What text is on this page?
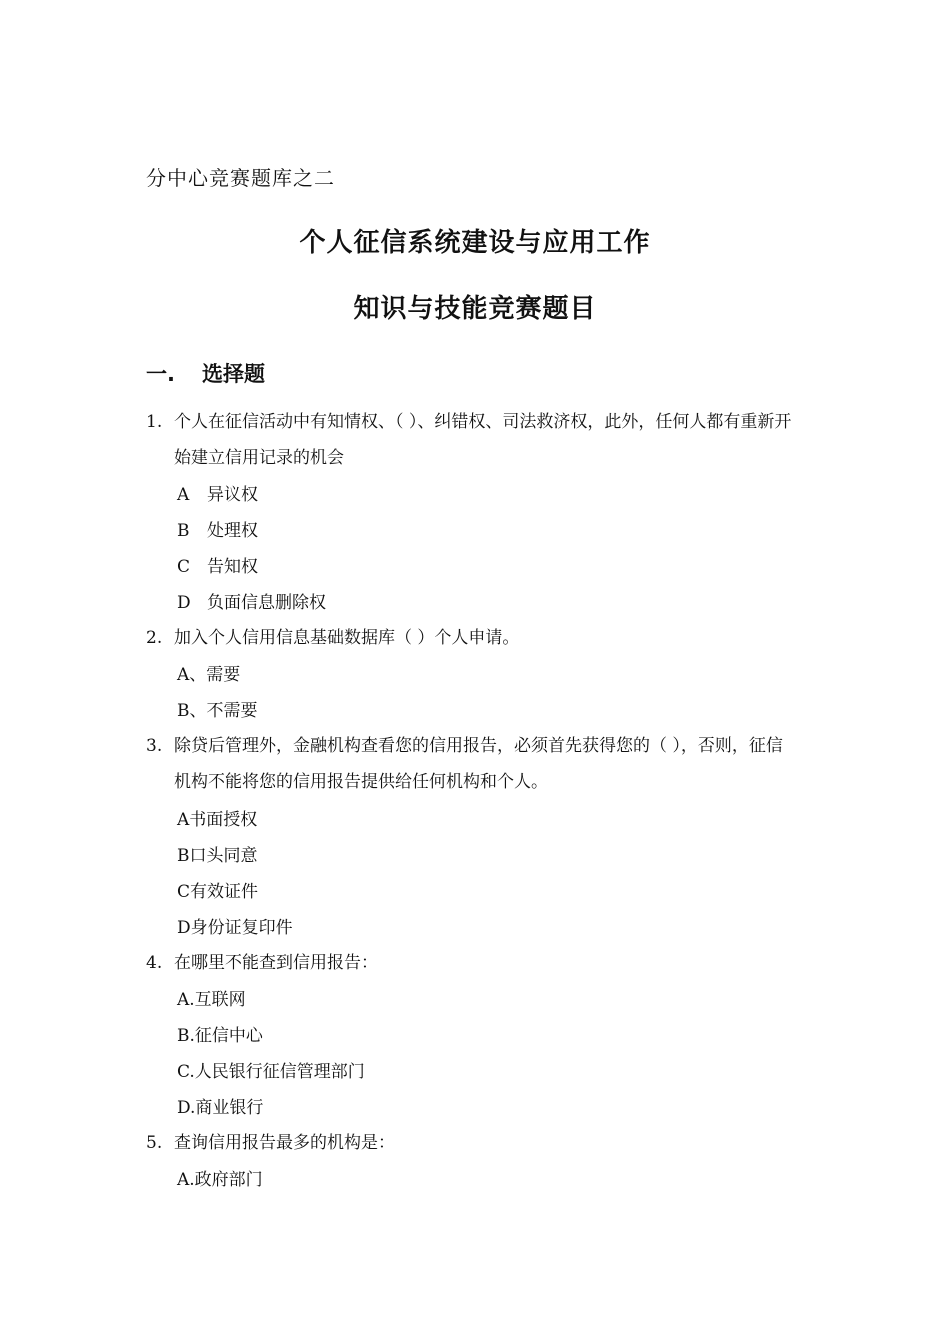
分中心竞赛题库之二
个人征信系统建设与应用工作
知识与技能竞赛题目
一. 选择题
1. 个人在征信活动中有知情权、（ ）、纠错权、司法救济权，此外，任何人都有重新开始建立信用记录的机会
A 异议权
B 处理权
C 告知权
D 负面信息删除权
2. 加入个人信用信息基础数据库（ ）个人申请。
A、需要
B、不需要
3. 除贷后管理外，金融机构查看您的信用报告，必须首先获得您的（ ），否则，征信机构不能将您的信用报告提供给任何机构和个人。
A书面授权
B口头同意
C有效证件
D身份证复印件
4. 在哪里不能查到信用报告：
A.互联网
B.征信中心
C.人民银行征信管理部门
D.商业银行
5. 查询信用报告最多的机构是：
A.政府部门
